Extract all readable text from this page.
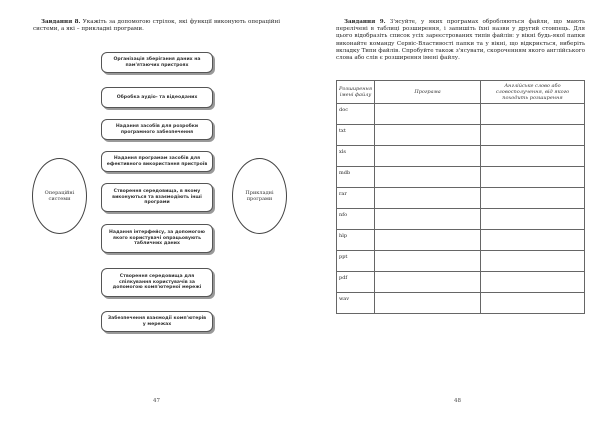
Завдання 8. Укажіть за допомогою стрілок, які функції виконують операційні системи, а які – прикладні програми.
Операційні системи
Прикладні програми
Організація зберігання даних на пам'ятаючих пристроях
Обробка аудіо- та відеоданих
Надання засобів для розробки програмного забезпечення
Надання програмам засобів для ефективного використання пристроїв
Створення середовища, в якому виконуються та взаємодіють інші програми
Надання інтерфейсу, за допомогою якого користувачі опрацьовують табличних даних
Створення середовища для спілкування користувачів за допомогою комп'ютерної мережі
Забезпечення взаємодії комп'ютерів у мережах
47
Завдання 9. З'ясуйте, у яких програмах обробляються файли, що мають перелічені в таблиці розширення, і запишіть їхні назви у другий стовпець. Для цього відобразіть список усіх зареєстрованих типів файлів: у вікні будь-якої папки виконайте команду Сервіс-Властивості папки та у вікні, що відкриється, виберіть вкладку Типи файлів. Спробуйте також з'ясувати, скороченням якого англійського слова або слів є розширення імені файлу.
Розширення імені файлу	Програма	Англійське слово або словосполучення, від якого походить розширення
doc		
txt		
xls		
mdb		
rar		
nfo		
hlp		
ppt		
pdf		
wav		
48
